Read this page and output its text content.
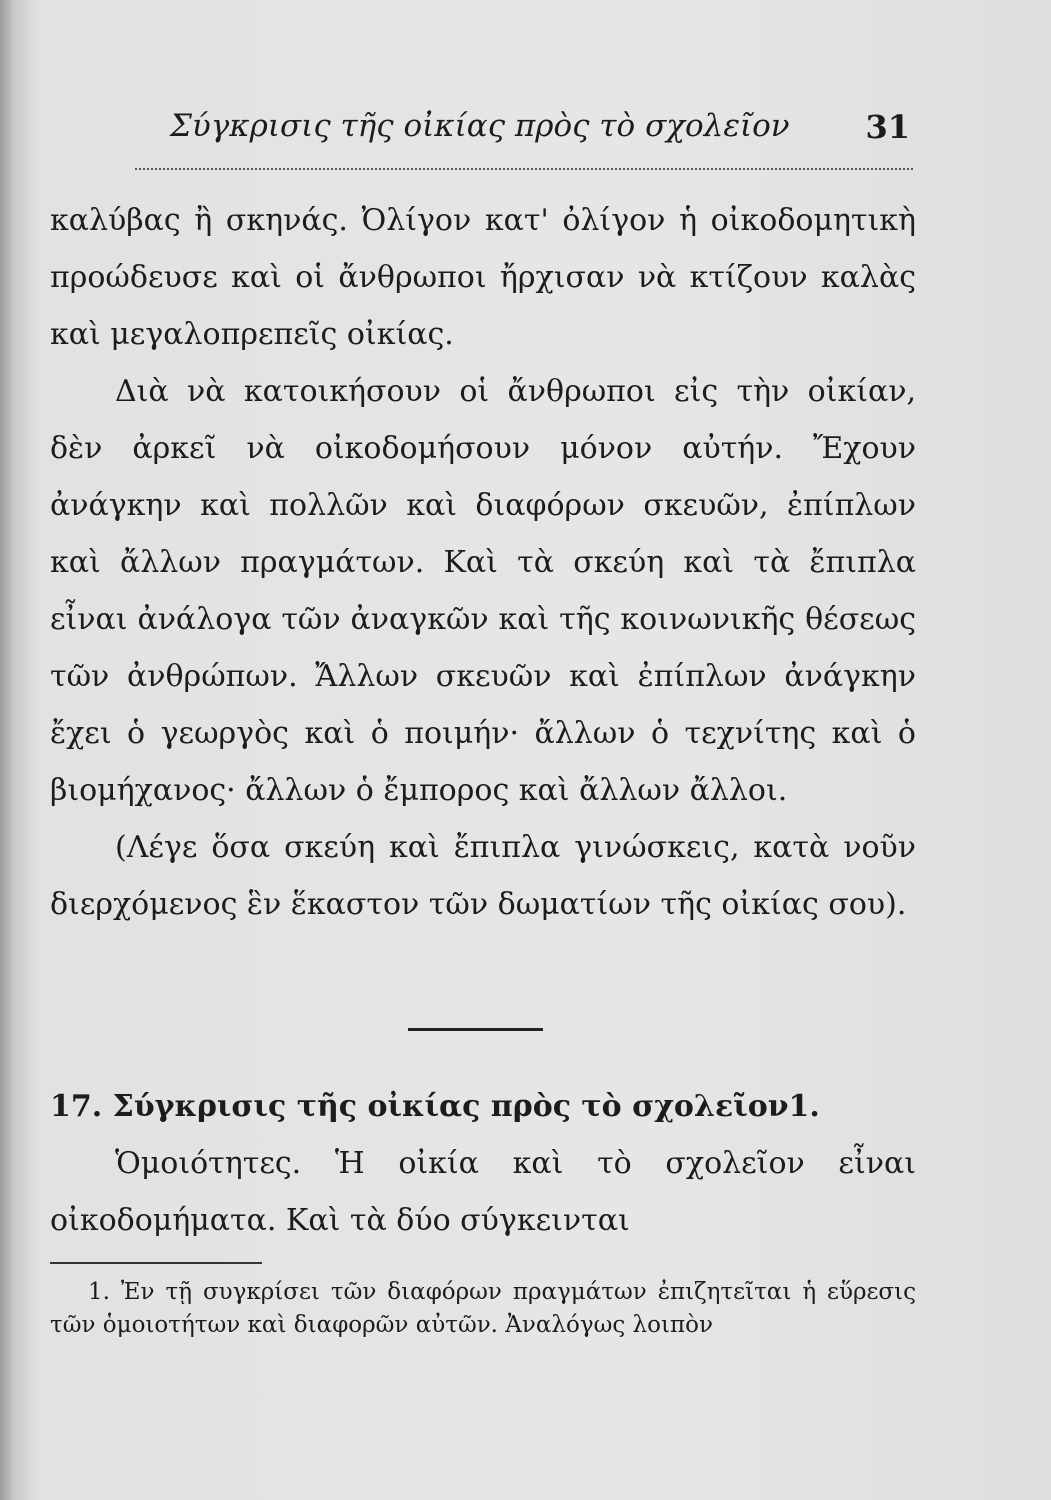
Σύγκρισις τῆς οἰκίας πρὸς τὸ σχολεῖον 31

καλύβας ἢ σκηνάς. Ὀλίγον κατ' ὀλίγον ἡ οἰκοδομητικὴ προώδευσε καὶ οἱ ἄνθρωποι ἤρχισαν νὰ κτίζουν καλὰς καὶ μεγαλοπρεπεῖς οἰκίας.

Διὰ νὰ κατοικήσουν οἱ ἄνθρωποι εἰς τὴν οἰκίαν, δὲν ἀρκεῖ νὰ οἰκοδομήσουν μόνον αὐτήν. Ἔχουν ἀνάγκην καὶ πολλῶν καὶ διαφόρων σκευῶν, ἐπίπλων καὶ ἄλλων πραγμάτων. Καὶ τὰ σκεύη καὶ τὰ ἔπιπλα εἶναι ἀνάλογα τῶν ἀναγκῶν καὶ τῆς κοινωνικῆς θέσεως τῶν ἀνθρώπων. Ἄλλων σκευῶν καὶ ἐπίπλων ἀνάγκην ἔχει ὁ γεωργὸς καὶ ὁ ποιμήν· ἄλλων ὁ τεχνίτης καὶ ὁ βιομήχανος· ἄλλων ὁ ἔμπορος καὶ ἄλλων ἄλλοι.

(Λέγε ὅσα σκεύη καὶ ἔπιπλα γινώσκεις, κατὰ νοῦν διερχόμενος ἓν ἕκαστον τῶν δωματίων τῆς οἰκίας σου).

17. Σύγκρισις τῆς οἰκίας πρὸς τὸ σχολεῖον1.

Ὁμοιότητες. Ἡ οἰκία καὶ τὸ σχολεῖον εἶναι οἰκοδομήματα. Καὶ τὰ δύο σύγκεινται

1. Ἐν τῇ συγκρίσει τῶν διαφόρων πραγμάτων ἐπιζητεῖται ἡ εὕρεσις τῶν ὁμοιοτήτων καὶ διαφορῶν αὐτῶν. Ἀναλόγως λοιπὸν
